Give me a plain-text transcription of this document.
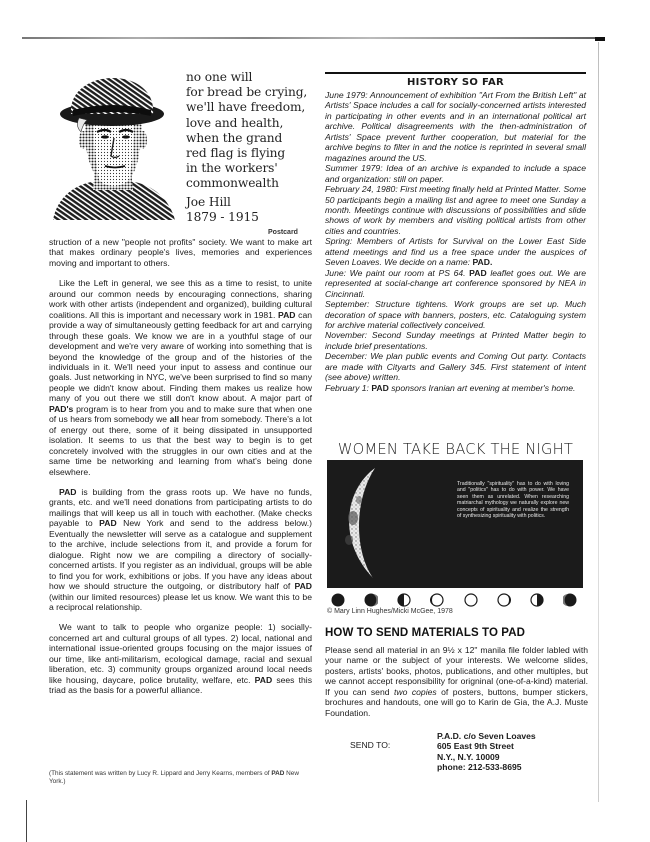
no one will
for bread be crying,
we'll have freedom,
love and health,
when the grand
red flag is flying
in the workers'
commonwealth
Joe Hill
1879 - 1915
Postcard

struction of a new "people not profits" society. We want to make art that makes ordinary people's lives, memories and experiences moving and important to others.

Like the Left in general, we see this as a time to resist, to unite around our common needs by encouraging connections, sharing work with other artists (independent and organized), building cultural coalitions. All this is important and necessary work in 1981. PAD can provide a way of simultaneously getting feedback for art and carrying through these goals. We know we are in a youthful stage of our development and we're very aware of working into something that is beyond the knowledge of the group and of the histories of the individuals in it. We'll need your input to assess and continue our goals. Just networking in NYC, we've been surprised to find so many people we didn't know about. Finding them makes us realize how many of you out there we still don't know about. A major part of PAD's program is to hear from you and to make sure that when one of us hears from somebody we all hear from somebody. There's a lot of energy out there, some of it being dissipated in unsupported isolation. It seems to us that the best way to begin is to get concretely involved with the struggles in our own cities and at the same time be networking and learning from what's being done elsewhere.

PAD is building from the grass roots up. We have no funds, grants, etc. and we'll need donations from participating artists to do mailings that will keep us all in touch with eachother. (Make checks payable to PAD New York and send to the address below.) Eventually the newsletter will serve as a catalogue and supplement to the archive, include selections from it, and provide a forum for dialogue. Right now we are compiling a directory of socially-concerned artists. If you register as an individual, groups will be able to find you for work, exhibitions or jobs. If you have any ideas about how we should structure the outgoing, or distributory half of PAD (within our limited resources) please let us know. We want this to be a reciprocal relationship.

We want to talk to people who organize people: 1) socially-concerned art and cultural groups of all types. 2) local, national and international issue-oriented groups focusing on the major issues of our time, like anti-militarism, ecological damage, racial and sexual liberation, etc. 3) community groups organized around local needs like housing, daycare, police brutality, welfare, etc. PAD sees this triad as the basis for a powerful alliance.

(This statement was written by Lucy R. Lippard and Jerry Kearns, members of PAD New York.)
HISTORY SO FAR
June 1979: Announcement of exhibition "Art From the British Left" at Artists' Space includes a call for socially-concerned artists interested in participating in other events and in an international political art archive. Political disagreements with the then-administration of Artists' Space prevent further cooperation, but material for the archive begins to filter in and the notice is reprinted in several small magazines around the US.
Summer 1979: Idea of an archive is expanded to include a space and organization: still on paper.
February 24, 1980: First meeting finally held at Printed Matter. Some 50 participants begin a mailing list and agree to meet one Sunday a month. Meetings continue with discussions of possibilities and slide shows of work by members and visiting political artists from other cities and countries.
Spring: Members of Artists for Survival on the Lower East Side attend meetings and find us a free space under the auspices of Seven Loaves. We decide on a name: PAD.
June: We paint our room at PS 64. PAD leaflet goes out. We are represented at social-change art conference sponsored by NEA in Cincinnati.
September: Structure tightens. Work groups are set up. Much decoration of space with banners, posters, etc. Cataloguing system for archive material collectively conceived.
November: Second Sunday meetings at Printed Matter begin to include brief presentations.
December: We plan public events and Coming Out party. Contacts are made with Cityarts and Gallery 345. First statement of intent (see above) written.
February 1: PAD sponsors Iranian art evening at member's home.
WOMEN TAKE BACK THE NIGHT
Traditionally "spirituality" has to do with loving and "politics" has to do with power. We have seen them as unrelated. When researching matriarchal mythology we naturally explore new concepts of spirituality and realize the strength of synthesizing spirituality with politics.
© Mary Linn Hughes/Micki McGee, 1978
HOW TO SEND MATERIALS TO PAD
Please send all material in an 9½ x 12" manila file folder labled with your name or the subject of your interests. We welcome slides, posters, artists' books, photos, publications, and other multiples, but we cannot accept responsibility for origninal (one-of-a-kind) material. If you can send two copies of posters, buttons, bumper stickers, brochures and handouts, one will go to Karin de Gia, the A.J. Muste Foundation.
SEND TO:
P.A.D. c/o Seven Loaves
605 East 9th Street
N.Y., N.Y. 10009
phone: 212-533-8695
